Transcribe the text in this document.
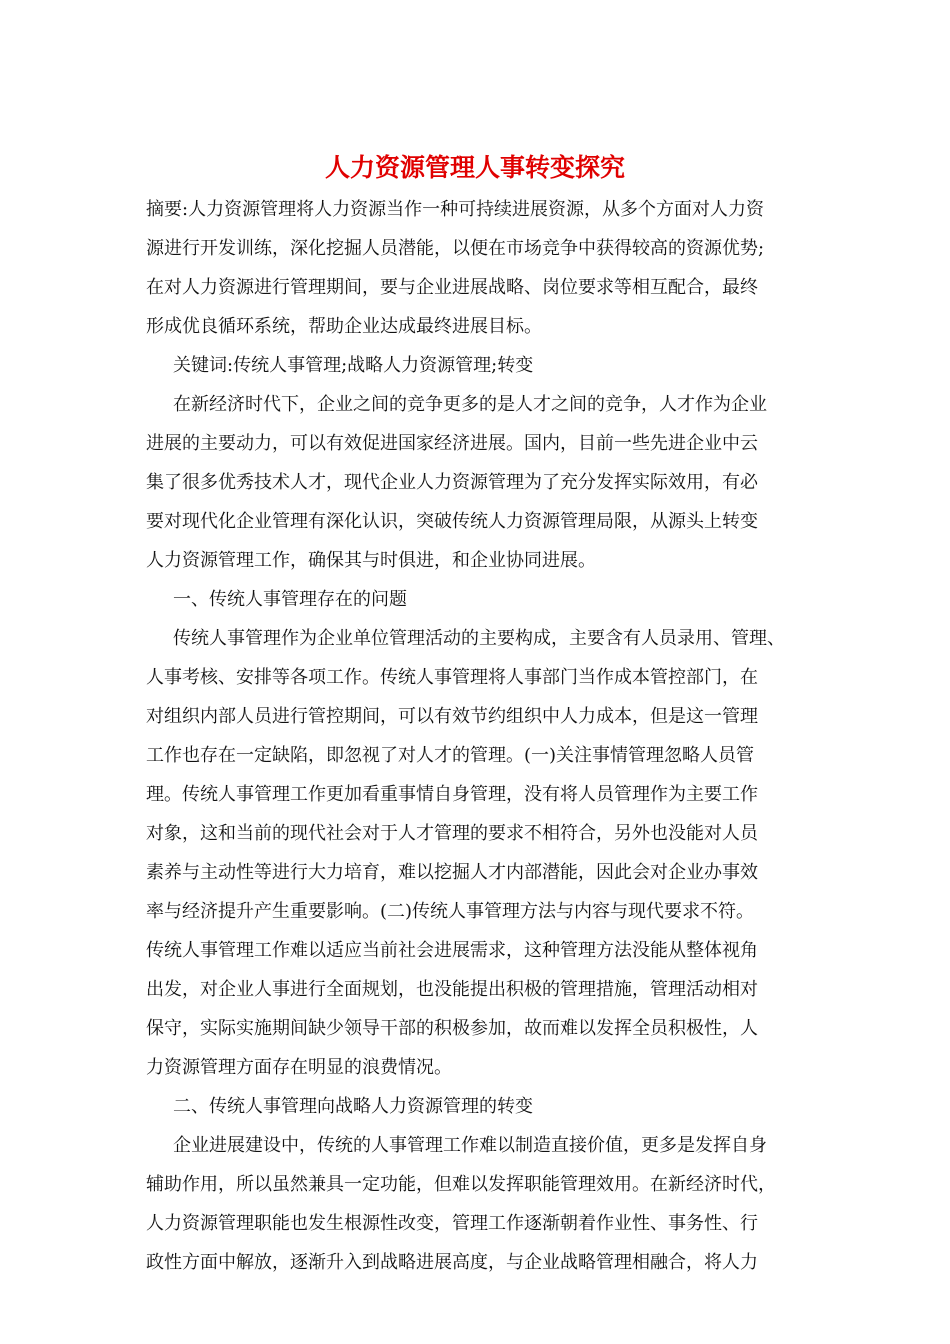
人力资源管理人事转变探究
摘要:人力资源管理将人力资源当作一种可持续进展资源，从多个方面对人力资
源进行开发训练，深化挖掘人员潜能，以便在市场竞争中获得较高的资源优势;
在对人力资源进行管理期间，要与企业进展战略、岗位要求等相互配合，最终
形成优良循环系统，帮助企业达成最终进展目标。
关键词:传统人事管理;战略人力资源管理;转变
在新经济时代下，企业之间的竞争更多的是人才之间的竞争，人才作为企业
进展的主要动力，可以有效促进国家经济进展。国内，目前一些先进企业中云
集了很多优秀技术人才，现代企业人力资源管理为了充分发挥实际效用，有必
要对现代化企业管理有深化认识，突破传统人力资源管理局限，从源头上转变
人力资源管理工作，确保其与时俱进，和企业协同进展。
一、传统人事管理存在的问题
传统人事管理作为企业单位管理活动的主要构成，主要含有人员录用、管理、
人事考核、安排等各项工作。传统人事管理将人事部门当作成本管控部门，在
对组织内部人员进行管控期间，可以有效节约组织中人力成本，但是这一管理
工作也存在一定缺陷，即忽视了对人才的管理。(一)关注事情管理忽略人员管
理。传统人事管理工作更加看重事情自身管理，没有将人员管理作为主要工作
对象，这和当前的现代社会对于人才管理的要求不相符合，另外也没能对人员
素养与主动性等进行大力培育，难以挖掘人才内部潜能，因此会对企业办事效
率与经济提升产生重要影响。(二)传统人事管理方法与内容与现代要求不符。
传统人事管理工作难以适应当前社会进展需求，这种管理方法没能从整体视角
出发，对企业人事进行全面规划，也没能提出积极的管理措施，管理活动相对
保守，实际实施期间缺少领导干部的积极参加，故而难以发挥全员积极性，人
力资源管理方面存在明显的浪费情况。
二、传统人事管理向战略人力资源管理的转变
企业进展建设中，传统的人事管理工作难以制造直接价值，更多是发挥自身
辅助作用，所以虽然兼具一定功能，但难以发挥职能管理效用。在新经济时代，
人力资源管理职能也发生根源性改变，管理工作逐渐朝着作业性、事务性、行
政性方面中解放，逐渐升入到战略进展高度，与企业战略管理相融合，将人力
